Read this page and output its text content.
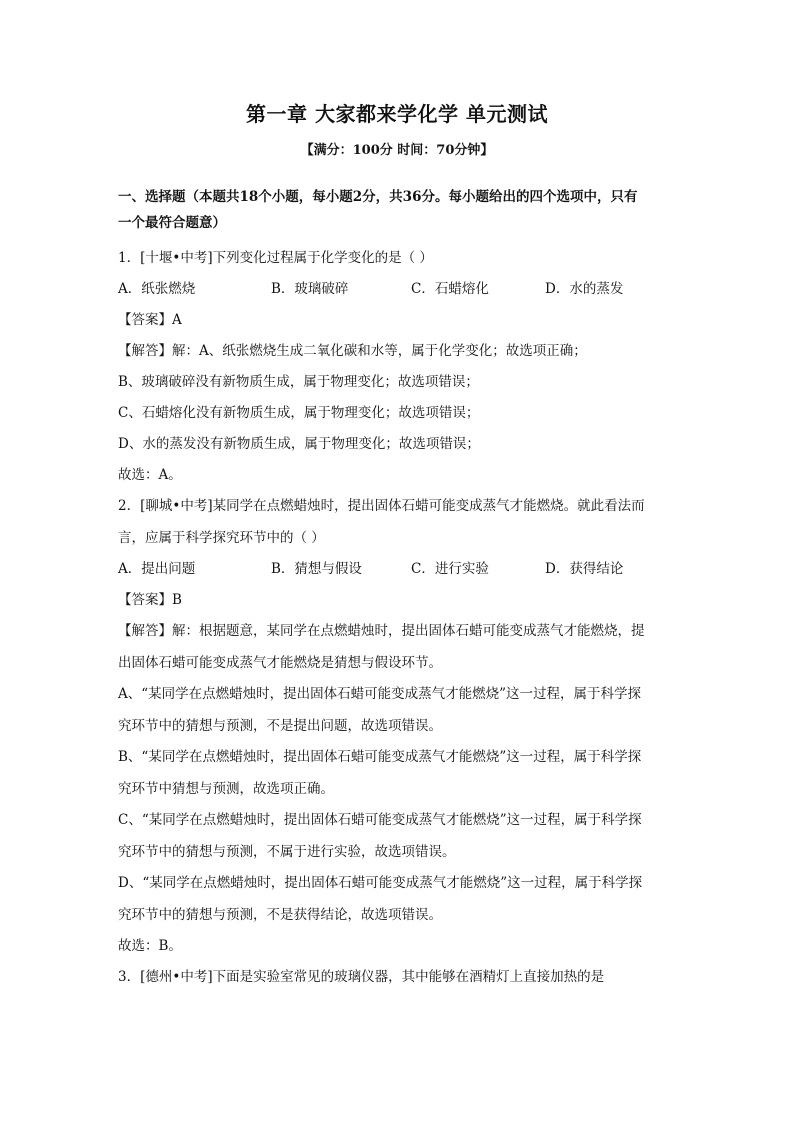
第一章 大家都来学化学 单元测试
【满分：100分 时间：70分钟】
一、选择题（本题共18个小题，每小题2分，共36分。每小题给出的四个选项中，只有
一个最符合题意）
1．[十堰•中考]下列变化过程属于化学变化的是（ ）
A．纸张燃烧	B．玻璃破碎	C．石蜡熔化	D．水的蒸发
【答案】A
【解答】解：A、纸张燃烧生成二氧化碳和水等，属于化学变化；故选项正确；
B、玻璃破碎没有新物质生成，属于物理变化；故选项错误；
C、石蜡熔化没有新物质生成，属于物理变化；故选项错误；
D、水的蒸发没有新物质生成，属于物理变化；故选项错误；
故选：A。
2．[聊城•中考]某同学在点燃蜡烛时，提出固体石蜡可能变成蒸气才能燃烧。就此看法而
言，应属于科学探究环节中的（ ）
A．提出问题	B．猜想与假设	C．进行实验	D．获得结论
【答案】B
【解答】解：根据题意，某同学在点燃蜡烛时，提出固体石蜡可能变成蒸气才能燃烧，提
出固体石蜡可能变成蒸气才能燃烧是猜想与假设环节。
A、“某同学在点燃蜡烛时，提出固体石蜡可能变成蒸气才能燃烧”这一过程，属于科学探
究环节中的猜想与预测，不是提出问题，故选项错误。
B、“某同学在点燃蜡烛时，提出固体石蜡可能变成蒸气才能燃烧”这一过程，属于科学探
究环节中猜想与预测，故选项正确。
C、“某同学在点燃蜡烛时，提出固体石蜡可能变成蒸气才能燃烧”这一过程，属于科学探
究环节中的猜想与预测，不属于进行实验，故选项错误。
D、“某同学在点燃蜡烛时，提出固体石蜡可能变成蒸气才能燃烧”这一过程，属于科学探
究环节中的猜想与预测，不是获得结论，故选项错误。
故选：B。
3．[德州•中考]下面是实验室常见的玻璃仪器，其中能够在酒精灯上直接加热的是
